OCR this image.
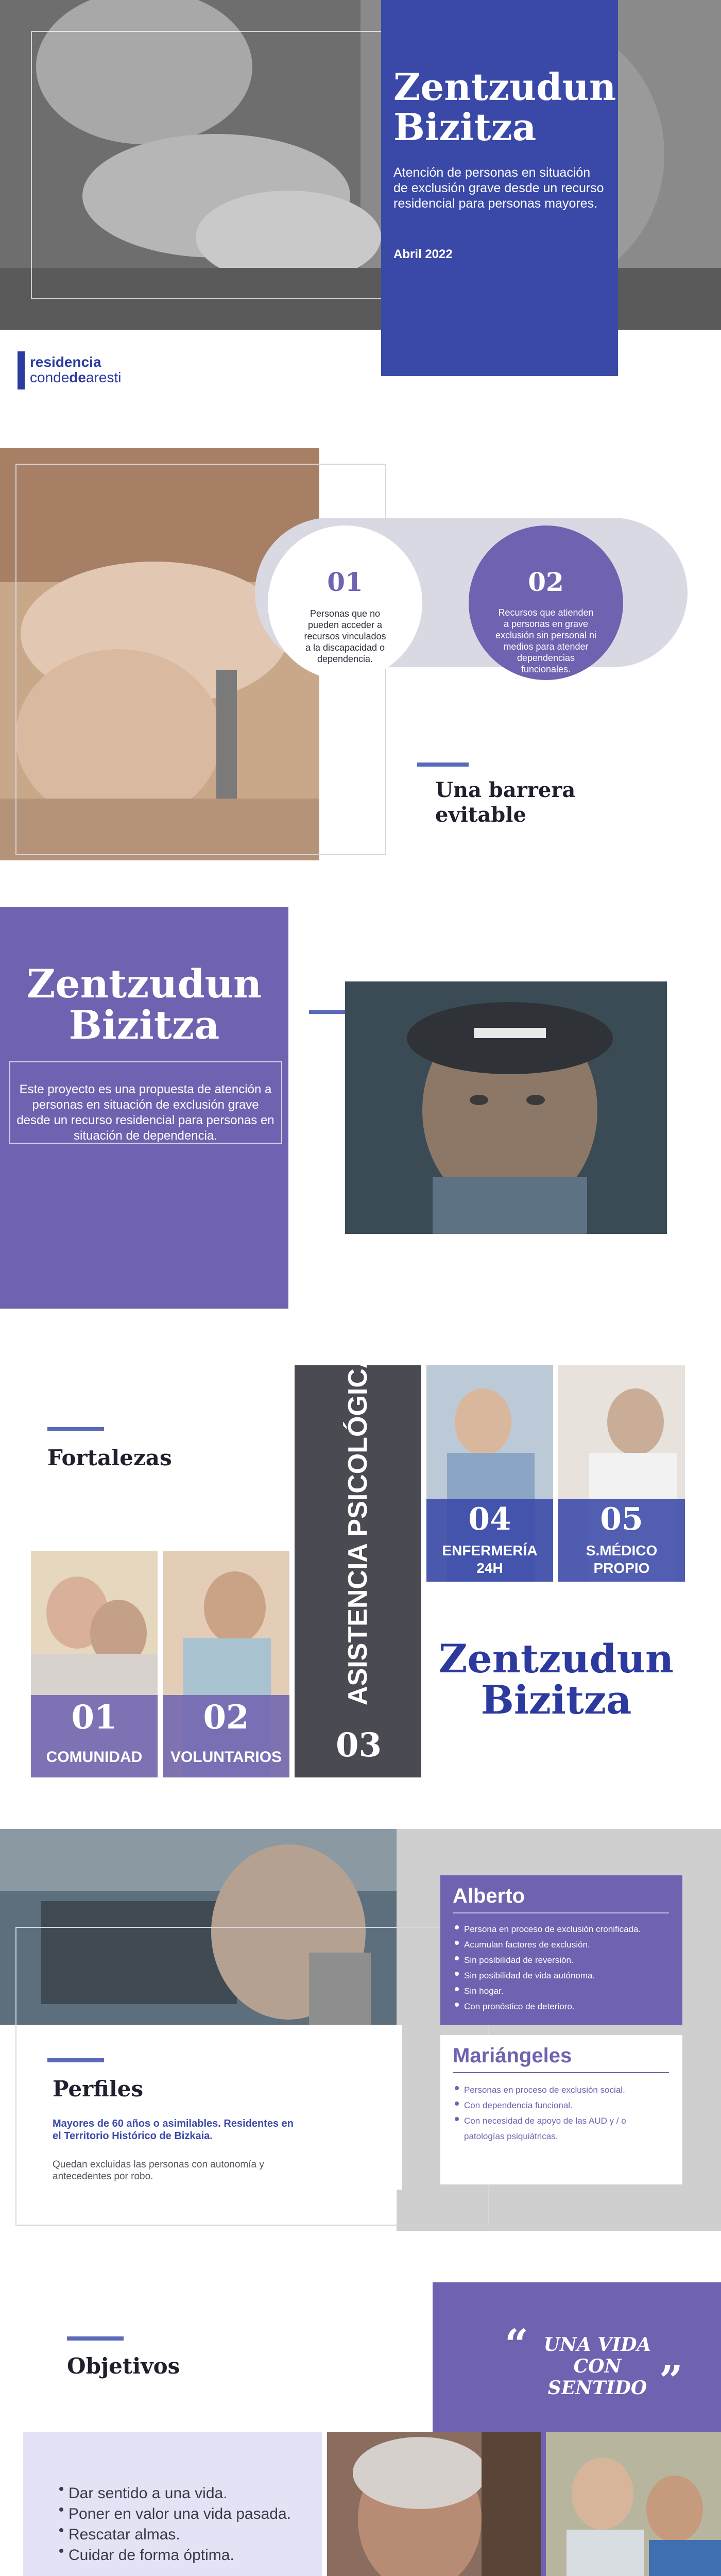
Zentzudun
Bizitza
Atención de personas en situación de exclusión grave desde un recurso residencial para personas mayores.
Abril 2022
residencia
condedearesti
01
Personas que no pueden acceder a recursos vinculados a la discapacidad o dependencia.
02
Recursos que atienden a personas en grave exclusión sin personal ni medios para atender dependencias funcionales.
Una barrera
evitable
Zentzudun
Bizitza
Este proyecto es una propuesta de atención a personas en situación de exclusión grave desde un recurso residencial para personas en situación de dependencia.
Fortalezas
01
COMUNIDAD
02
VOLUNTARIOS
ASISTENCIA PSICOLÓGICA
03
04
ENFERMERÍA
24H
05
S.MÉDICO
PROPIO
Zentzudun
Bizitza
Perfiles
Mayores de 60 años o asimilables. Residentes en el Territorio Histórico de Bizkaia.
Quedan excluidas las personas con autonomía y antecedentes por robo.
Alberto
Persona en proceso de exclusión cronificada.
Acumulan factores de exclusión.
Sin posibilidad de reversión.
Sin posibilidad de vida autónoma.
Sin hogar.
Con pronóstico de deterioro.
Mariángeles
Personas en proceso de exclusión social.
Con dependencia funcional.
Con necesidad de apoyo de las AUD y / o patologías psiquiátricas.
“
”
UNA VIDA
CON SENTIDO
Objetivos
Dar sentido a una vida.
Poner en valor una vida pasada.
Rescatar almas.
Cuidar de forma óptima.
